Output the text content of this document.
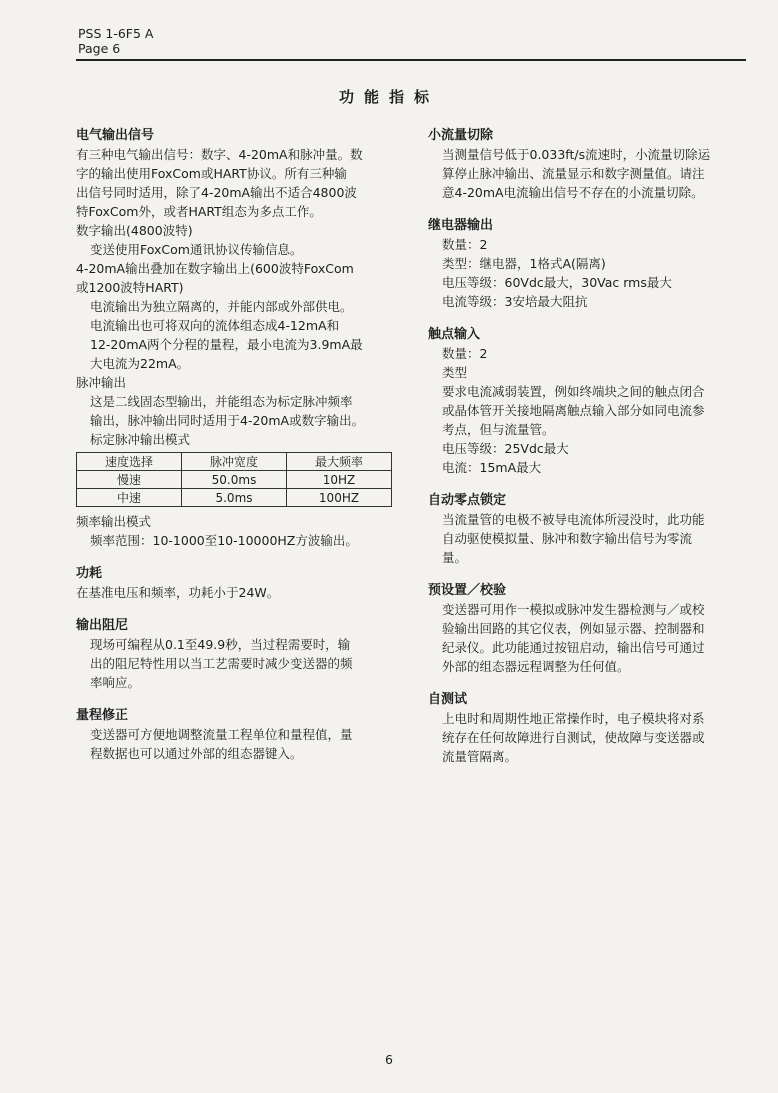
PSS 1-6F5 A
Page 6
功能指标

电气输出信号

有三种电气输出信号：数字、4-20mA和脉冲量。数

字的输出使用FoxCom或HART协议。所有三种输

出信号同时适用，除了4-20mA输出不适合4800波

特FoxCom外，或者HART组态为多点工作。

数字输出(4800波特)

变送使用FoxCom通讯协议传输信息。

4-20mA输出叠加在数字输出上(600波特FoxCom

或1200波特HART)

电流输出为独立隔离的，并能内部或外部供电。

电流输出也可将双向的流体组态成4-12mA和

12-20mA两个分程的量程，最小电流为3.9mA最

大电流为22mA。

脉冲输出

这是二线固态型输出，并能组态为标定脉冲频率

输出，脉冲输出同时适用于4-20mA或数字输出。

标定脉冲输出模式

速度选择	脉冲宽度	最大频率
慢速	50.0ms	10HZ
中速	5.0ms	100HZ

频率输出模式

频率范围：10-1000至10-10000HZ方波输出。

功耗

在基准电压和频率，功耗小于24W。

输出阻尼

现场可编程从0.1至49.9秒，当过程需要时，输

出的阻尼特性用以当工艺需要时减少变送器的频

率响应。

量程修正

变送器可方便地调整流量工程单位和量程值，量

程数据也可以通过外部的组态器键入。

小流量切除

当测量信号低于0.033ft/s流速时，小流量切除运

算停止脉冲输出、流量显示和数字测量值。请注

意4-20mA电流输出信号不存在的小流量切除。

继电器输出

数量：2

类型：继电器，1格式A(隔离)

电压等级：60Vdc最大，30Vac rms最大

电流等级：3安培最大阻抗

触点输入

数量：2

类型

要求电流减弱装置，例如终端块之间的触点闭合

或晶体管开关接地隔离触点输入部分如同电流参

考点，但与流量管。

电压等级：25Vdc最大

电流：15mA最大

自动零点锁定

当流量管的电极不被导电流体所浸没时，此功能

自动驱使模拟量、脉冲和数字输出信号为零流

量。

预设置／校验

变送器可用作一模拟或脉冲发生器检测与／或校

验输出回路的其它仪表，例如显示器、控制器和

纪录仪。此功能通过按钮启动，输出信号可通过

外部的组态器远程调整为任何值。

自测试

上电时和周期性地正常操作时，电子模块将对系

统存在任何故障进行自测试，使故障与变送器或

流量管隔离。

6
